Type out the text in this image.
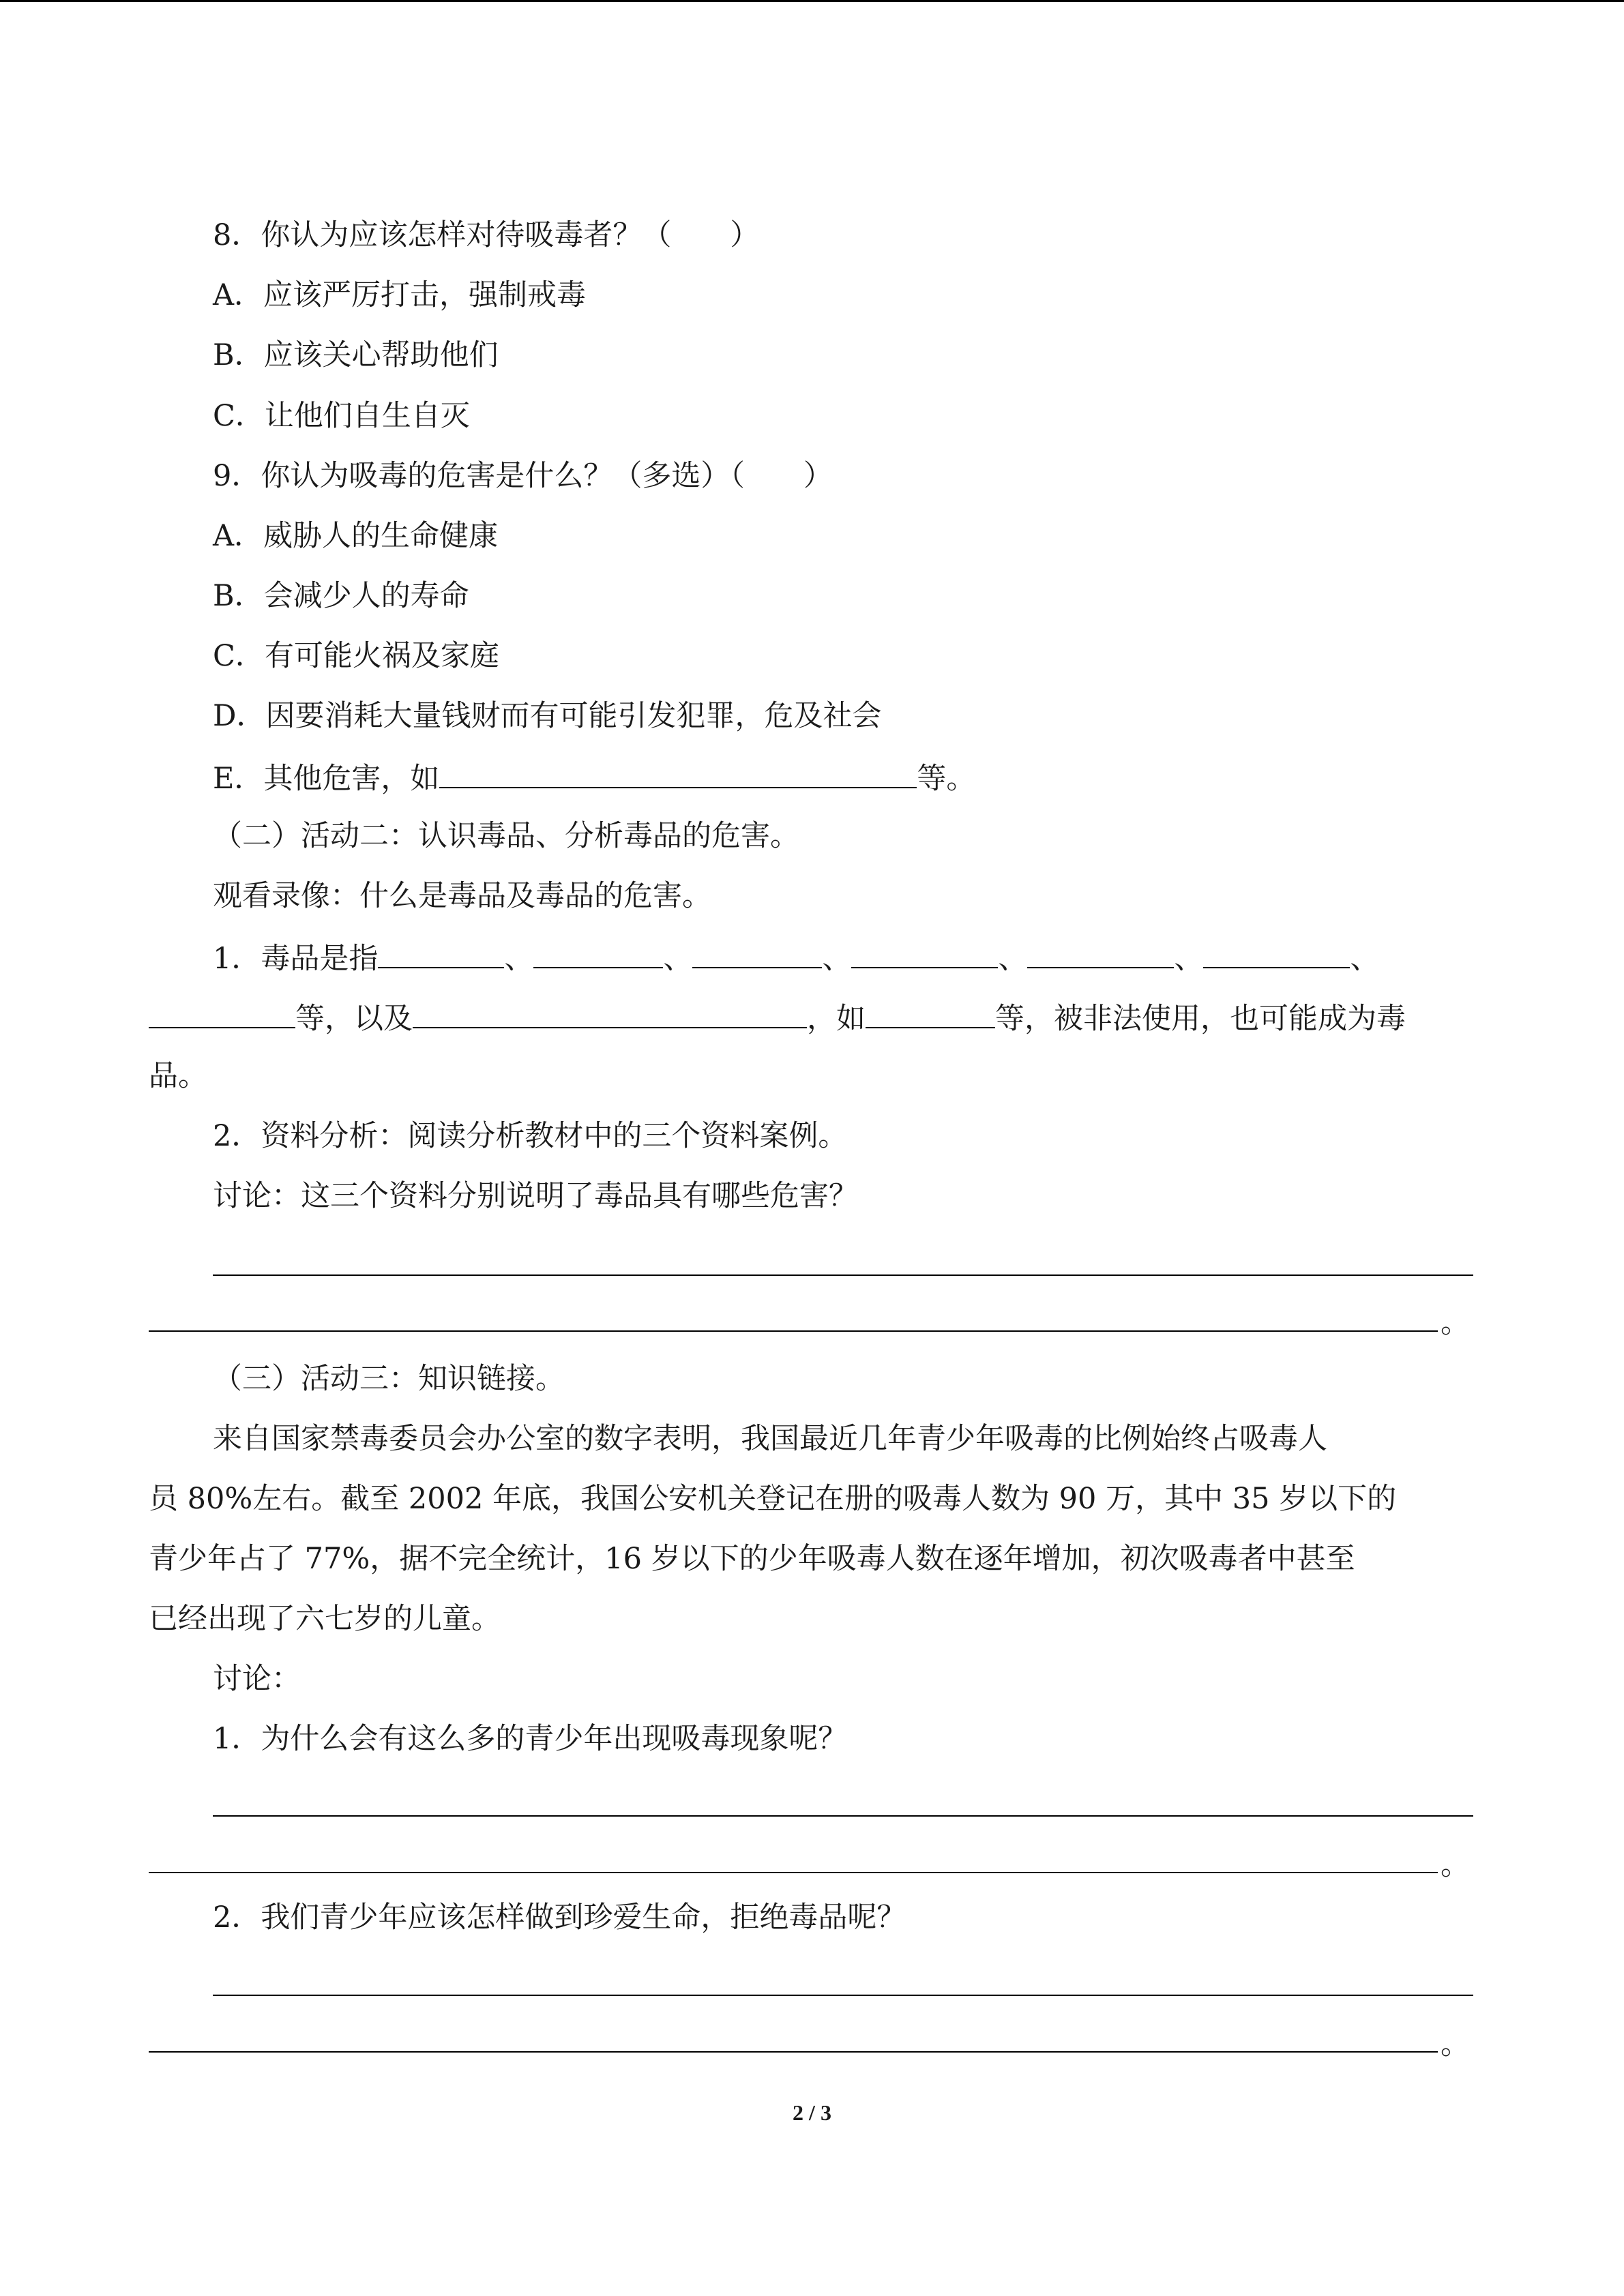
8．你认为应该怎样对待吸毒者？（　　）
A．应该严厉打击，强制戒毒
B．应该关心帮助他们
C．让他们自生自灭
9．你认为吸毒的危害是什么？（多选）（　　）
A．威胁人的生命健康
B．会减少人的寿命
C．有可能火祸及家庭
D．因要消耗大量钱财而有可能引发犯罪，危及社会
E．其他危害，如	等。
（二）活动二：认识毒品、分析毒品的危害。
观看录像：什么是毒品及毒品的危害。
1．毒品是指	、	、	、	、	、	、
等，以及	，如	等，被非法使用，也可能成为毒
品。
2．资料分析：阅读分析教材中的三个资料案例。
讨论：这三个资料分别说明了毒品具有哪些危害？
。
（三）活动三：知识链接。
来自国家禁毒委员会办公室的数字表明，我国最近几年青少年吸毒的比例始终占吸毒人
员 80%左右。截至 2002 年底，我国公安机关登记在册的吸毒人数为 90 万，其中 35 岁以下的
青少年占了 77%，据不完全统计，16 岁以下的少年吸毒人数在逐年增加，初次吸毒者中甚至
已经出现了六七岁的儿童。
讨论：
1．为什么会有这么多的青少年出现吸毒现象呢？
。
2．我们青少年应该怎样做到珍爱生命，拒绝毒品呢？
。
2 / 3
